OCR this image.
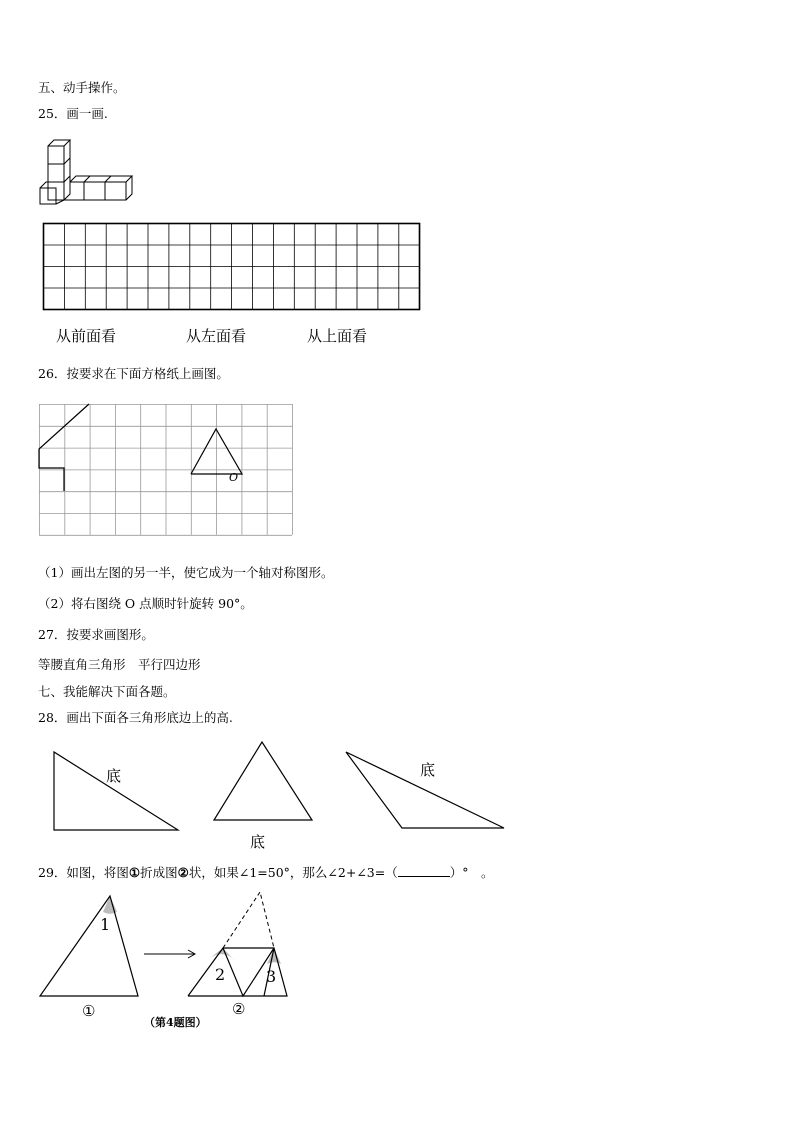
五、动手操作。
25．画一画.
从前面看	从左面看	从上面看
26．按要求在下面方格纸上画图。
O
（1）画出左图的另一半，使它成为一个轴对称图形。
（2）将右图绕 O 点顺时针旋转 90°。
27．按要求画图形。
等腰直角三角形　平行四边形
七、我能解决下面各题。
28．画出下面各三角形底边上的高.
底
底
底
29．如图，将图①折成图②状，如果∠1=50°，那么∠2+∠3=（	）°　。
1
2	3
①	②
（第4题图）
